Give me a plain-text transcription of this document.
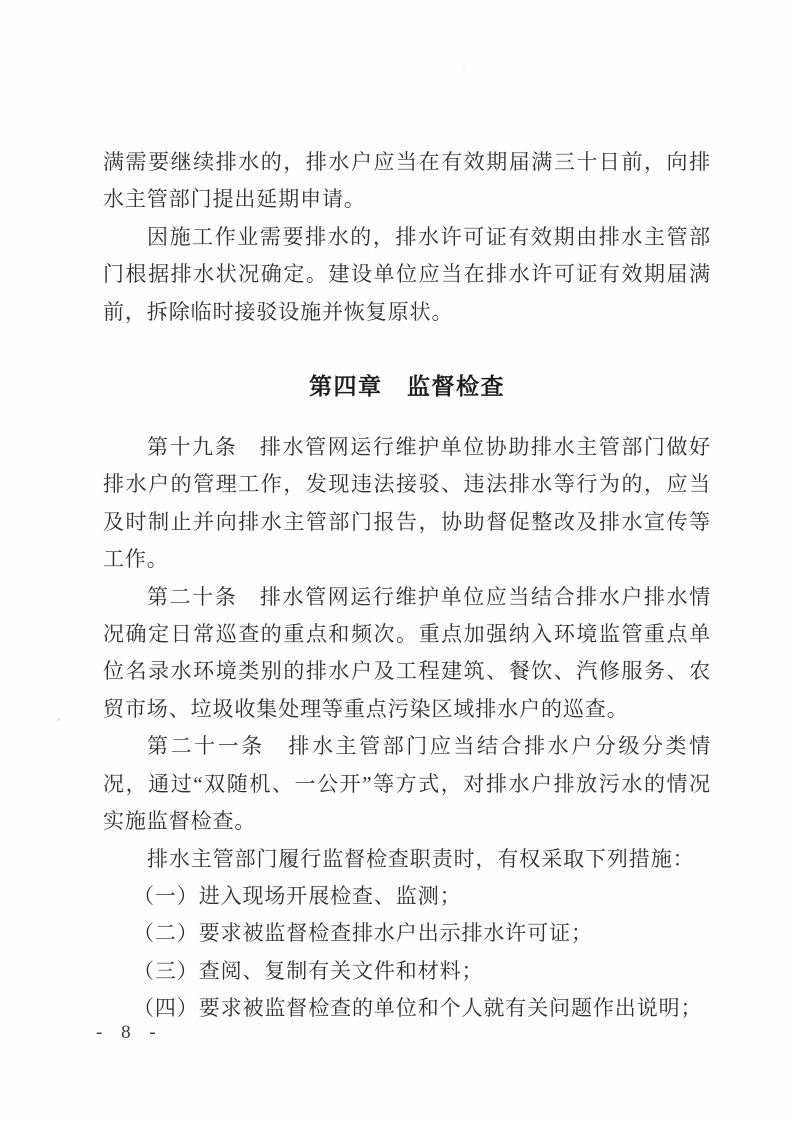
满需要继续排水的，排水户应当在有效期届满三十日前，向排水主管部门提出延期申请。

因施工作业需要排水的，排水许可证有效期由排水主管部门根据排水状况确定。建设单位应当在排水许可证有效期届满前，拆除临时接驳设施并恢复原状。

第四章　监督检查

第十九条　排水管网运行维护单位协助排水主管部门做好排水户的管理工作，发现违法接驳、违法排水等行为的，应当及时制止并向排水主管部门报告，协助督促整改及排水宣传等工作。

第二十条　排水管网运行维护单位应当结合排水户排水情况确定日常巡查的重点和频次。重点加强纳入环境监管重点单位名录水环境类别的排水户及工程建筑、餐饮、汽修服务、农贸市场、垃圾收集处理等重点污染区域排水户的巡查。

第二十一条　排水主管部门应当结合排水户分级分类情况，通过“双随机、一公开”等方式，对排水户排放污水的情况实施监督检查。

排水主管部门履行监督检查职责时，有权采取下列措施：

（一）进入现场开展检查、监测；
（二）要求被监督检查排水户出示排水许可证；
（三）查阅、复制有关文件和材料；
（四）要求被监督检查的单位和个人就有关问题作出说明；
- 8 -
